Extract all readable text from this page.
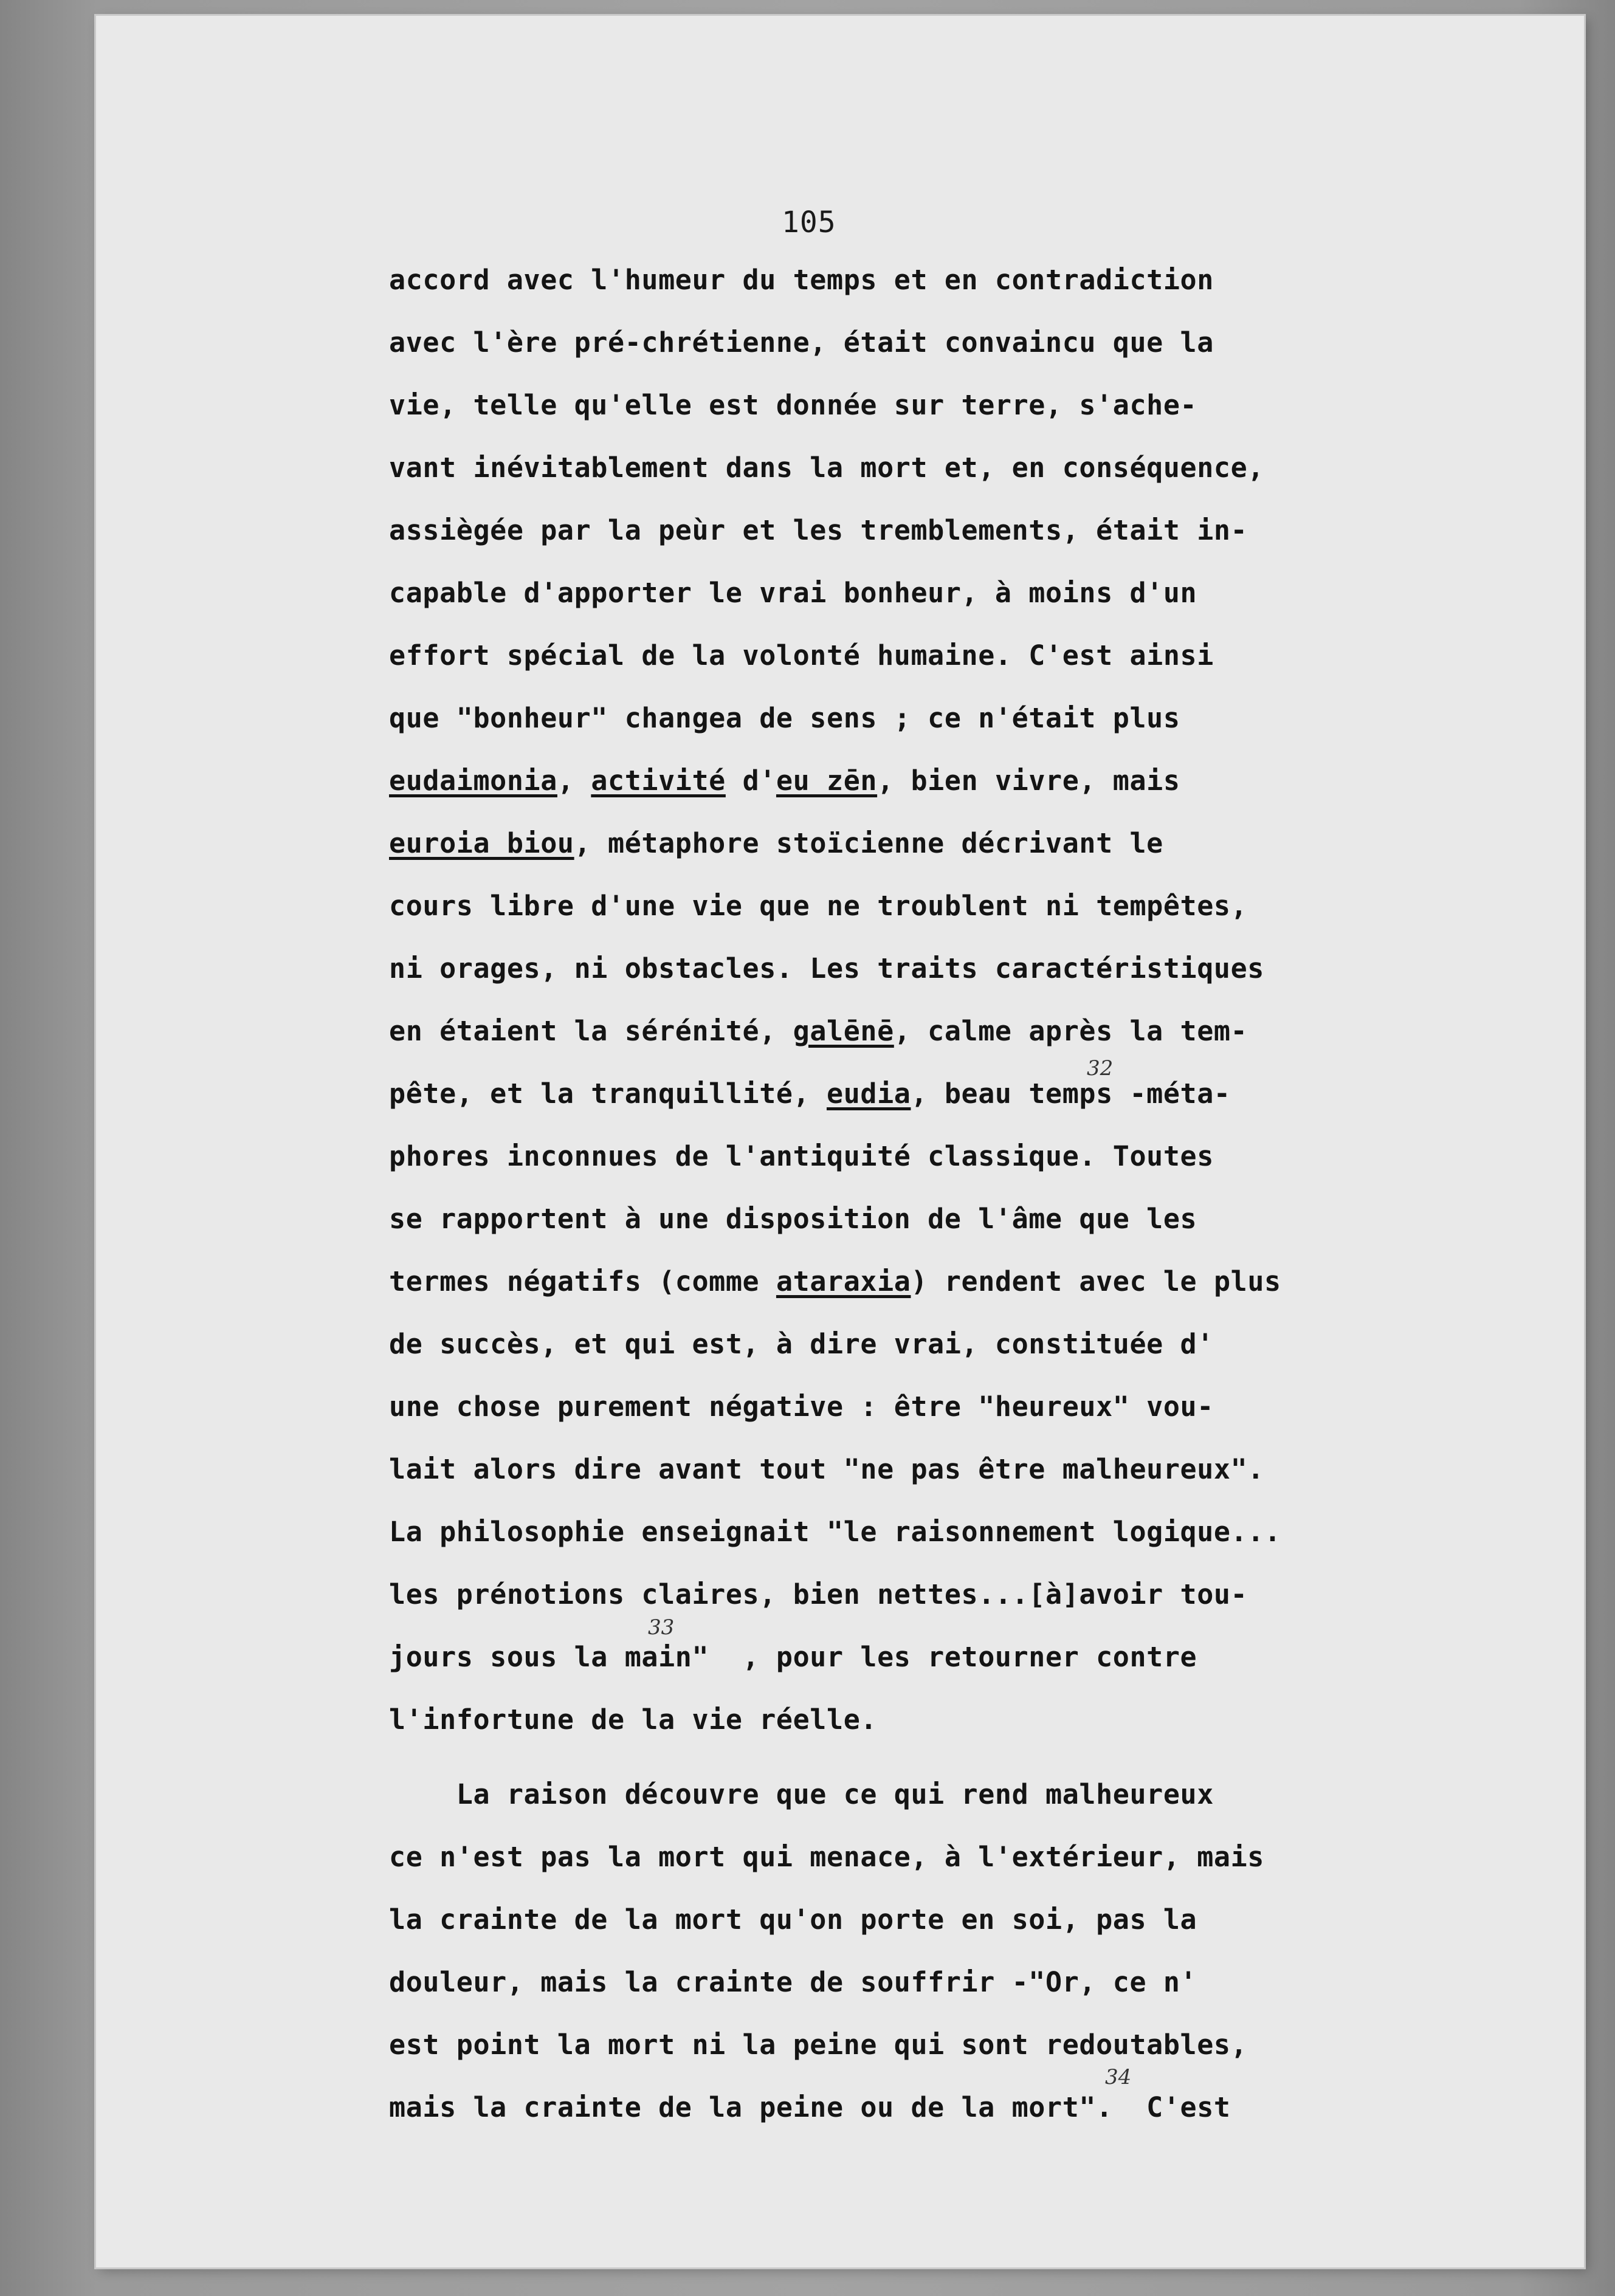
105
accord avec l'humeur du temps et en contradiction
avec l'ère pré-chrétienne, était convaincu que la
vie, telle qu'elle est donnée sur terre, s'ache-
vant inévitablement dans la mort et, en conséquence,
assiègée par la peùr et les tremblements, était in-
capable d'apporter le vrai bonheur, à moins d'un
effort spécial de la volonté humaine. C'est ainsi
que "bonheur" changea de sens ; ce n'était plus
eudaimonia, activité d'eu zēn, bien vivre, mais
euroia biou, métaphore stoïcienne décrivant le
cours libre d'une vie que ne troublent ni tempêtes,
ni orages, ni obstacles. Les traits caractéristiques
en étaient la sérénité, galēnē, calme après la tem-
pête, et la tranquillité, eudia, beau temps -méta-
32
phores inconnues de l'antiquité classique. Toutes
se rapportent à une disposition de l'âme que les
termes négatifs (comme ataraxia) rendent avec le plus
de succès, et qui est, à dire vrai, constituée d'
une chose purement négative : être "heureux" vou-
lait alors dire avant tout "ne pas être malheureux".
La philosophie enseignait "le raisonnement logique...
les prénotions claires, bien nettes...[à]avoir tou-
jours sous la main"  , pour les retourner contre
33
l'infortune de la vie réelle.
La raison découvre que ce qui rend malheureux
ce n'est pas la mort qui menace, à l'extérieur, mais
la crainte de la mort qu'on porte en soi, pas la
douleur, mais la crainte de souffrir -"Or, ce n'
est point la mort ni la peine qui sont redoutables,
mais la crainte de la peine ou de la mort".  C'est
34
